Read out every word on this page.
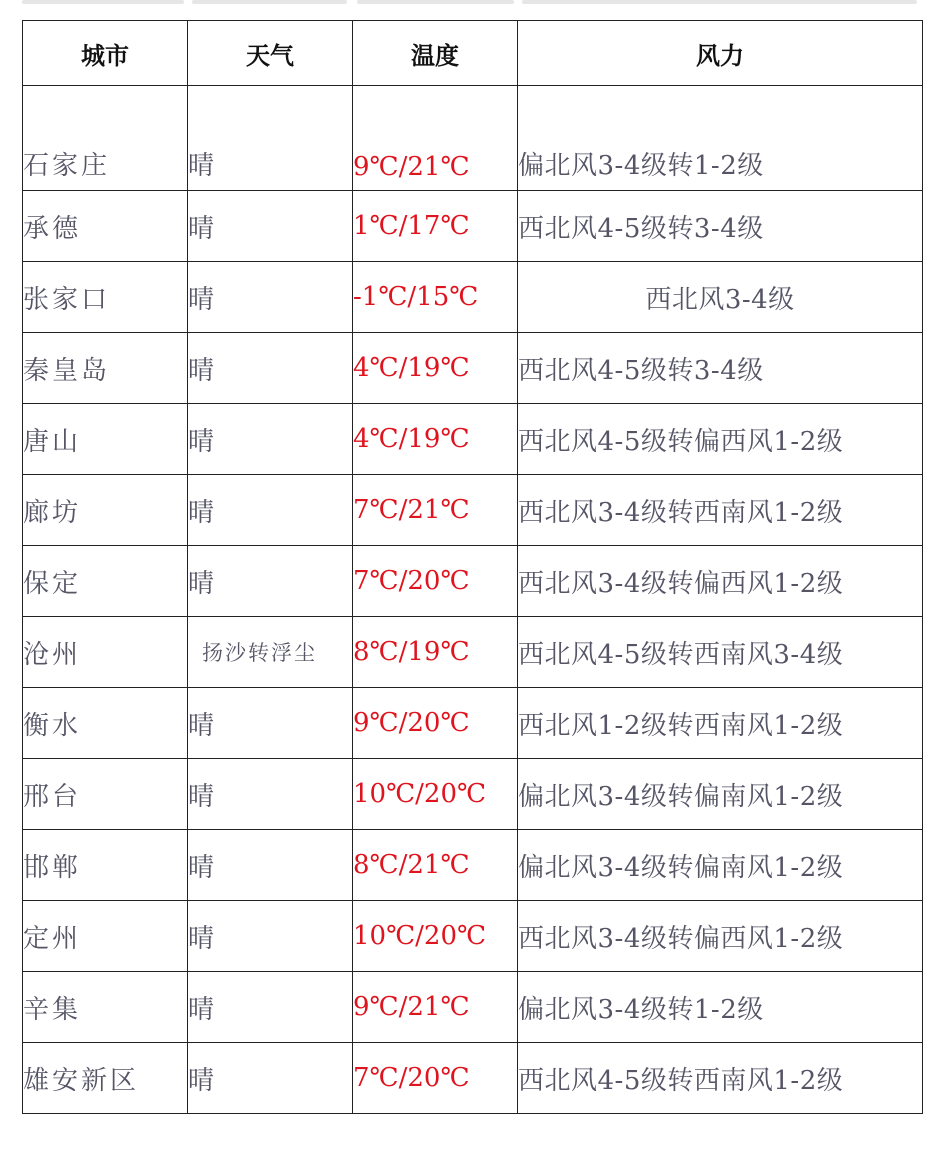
城市	天气	温度	风力
石家庄	晴	9℃/21℃	偏北风3-4级转1-2级
承德	晴	1℃/17℃	西北风4-5级转3-4级
张家口	晴	-1℃/15℃	西北风3-4级
秦皇岛	晴	4℃/19℃	西北风4-5级转3-4级
唐山	晴	4℃/19℃	西北风4-5级转偏西风1-2级
廊坊	晴	7℃/21℃	西北风3-4级转西南风1-2级
保定	晴	7℃/20℃	西北风3-4级转偏西风1-2级
沧州	扬沙转浮尘	8℃/19℃	西北风4-5级转西南风3-4级
衡水	晴	9℃/20℃	西北风1-2级转西南风1-2级
邢台	晴	10℃/20℃	偏北风3-4级转偏南风1-2级
邯郸	晴	8℃/21℃	偏北风3-4级转偏南风1-2级
定州	晴	10℃/20℃	西北风3-4级转偏西风1-2级
辛集	晴	9℃/21℃	偏北风3-4级转1-2级
雄安新区	晴	7℃/20℃	西北风4-5级转西南风1-2级
